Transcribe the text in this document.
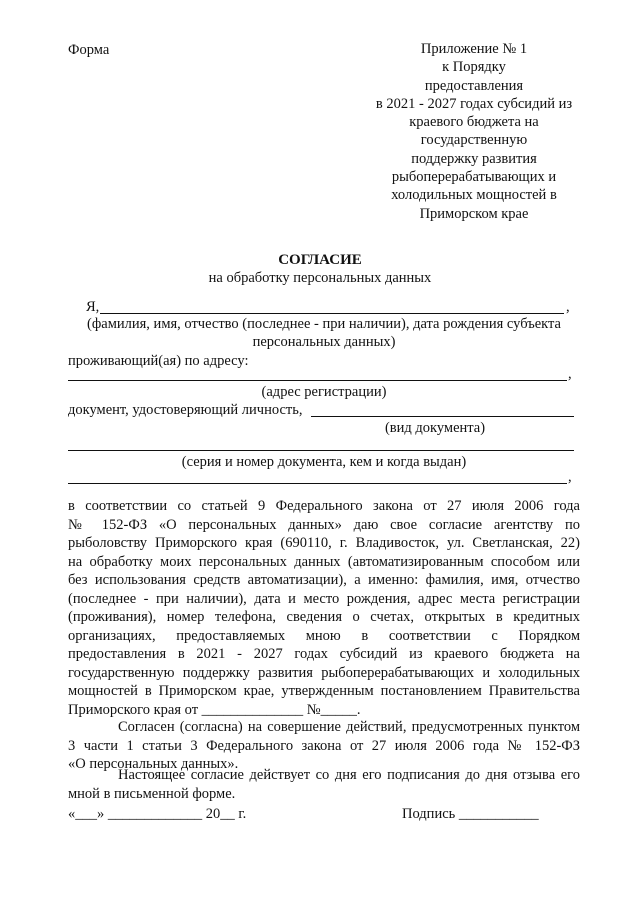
Форма	Приложение № 1
к Порядку
предоставления
в 2021 - 2027 годах субсидий из
краевого бюджета на
государственную
поддержку развития
рыбоперерабатывающих и
холодильных мощностей в
Приморском крае
СОГЛАСИЕ
на обработку персональных данных
Я,	,
(фамилия, имя, отчество (последнее - при наличии), дата рождения субъекта
персональных данных)
проживающий(ая) по адресу:
,
(адрес регистрации)
документ, удостоверяющий личность,
(вид документа)
(серия и номер документа, кем и когда выдан)
,
в соответствии со статьей 9 Федерального закона от 27 июля 2006 года
№ 152-ФЗ «О персональных данных» даю свое согласие агентству по
рыболовству Приморского края (690110, г. Владивосток, ул. Светланская, 22)
на обработку моих персональных данных (автоматизированным способом или
без использования средств автоматизации), а именно: фамилия, имя, отчество
(последнее - при наличии), дата и место рождения, адрес места регистрации
(проживания), номер телефона, сведения о счетах, открытых в кредитных
организациях, предоставляемых мною в соответствии с Порядком
предоставления в 2021 - 2027 годах субсидий из краевого бюджета на
государственную поддержку развития рыбоперерабатывающих и холодильных
мощностей в Приморском крае, утвержденным постановлением Правительства
Приморского края от ______________ №_____.
Согласен (согласна) на совершение действий, предусмотренных пунктом
3 части 1 статьи 3 Федерального закона от 27 июля 2006 года № 152-ФЗ
«О персональных данных».
Настоящее согласие действует со дня его подписания до дня отзыва его
мной в письменной форме.
«___» _____________ 20__ г.	Подпись ___________
